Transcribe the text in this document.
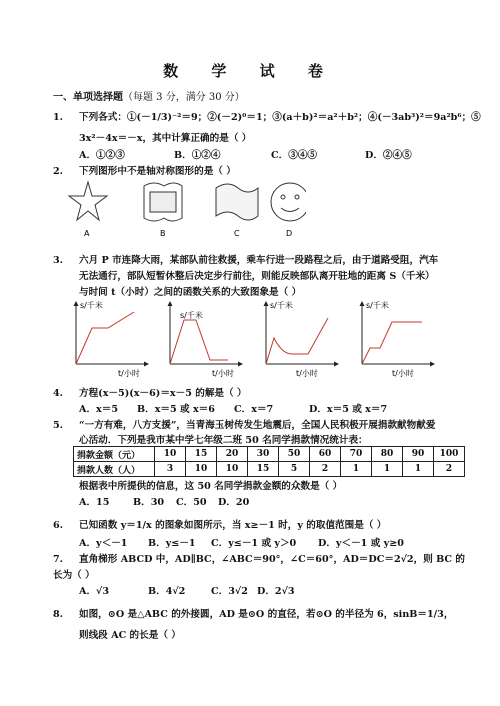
数 学 试 卷
一、单项选择题（每题 3 分，满分 30 分）
1. 下列各式：①(－1/3)⁻²＝9；②(－2)⁰＝1；③(a＋b)²＝a²＋b²；④(－3ab³)²＝9a²b⁶；⑤
3x²－4x＝－x，其中计算正确的是（ ）
A．①②③	B．①②④	C．③④⑤	D．②④⑤
2. 下列图形中不是轴对称图形的是（ ）
A	B	C	D
3. 六月 P 市连降大雨，某部队前往救援，乘车行进一段路程之后，由于道路受阻，汽车
无法通行，部队短暂休整后决定步行前往，则能反映部队离开驻地的距离 S（千米）
与时间 t（小时）之间的函数关系的大致图象是（ ）
s/千米
t/小时
s/千米
t/小时
s/千米
t/小时
s/千米
t/小时
4. 方程(x－5)(x－6)＝x－5 的解是（ ）
A．x＝5 B．x＝5 或 x＝6 C．x＝7	D．x＝5 或 x＝7
5. “一方有难，八方支援”，当青海玉树传发生地震后，全国人民积极开展捐款献物献爱
心活动．下列是我市某中学七年级二班 50 名同学捐款情况统计表：
捐款金额（元）	10	15	20	30	50	60	70	80	90	100
捐款人数（人）	3	10	10	15	5	2	1	1	1	2
根据表中所提供的信息，这 50 名同学捐款金额的众数是（ ）
A．15 B．30 C．50 D．20
6. 已知函数 y＝1/x 的图象如图所示，当 x≥－1 时，y 的取值范围是（ ）
A．y＜－1 B．y≤－1 C．y≤－1 或 y＞0 D．y＜－1 或 y≥0
7. 直角梯形 ABCD 中，AD∥BC，∠ABC＝90°，∠C＝60°，AD＝DC＝2√2，则 BC 的
长为（ ）
A．√3	B．4√2	C．3√2 D．2√3
8. 如图，⊙O 是△ABC 的外接圆，AD 是⊙O 的直径，若⊙O 的半径为 6，sinB＝1/3，
则线段 AC 的长是（ ）
